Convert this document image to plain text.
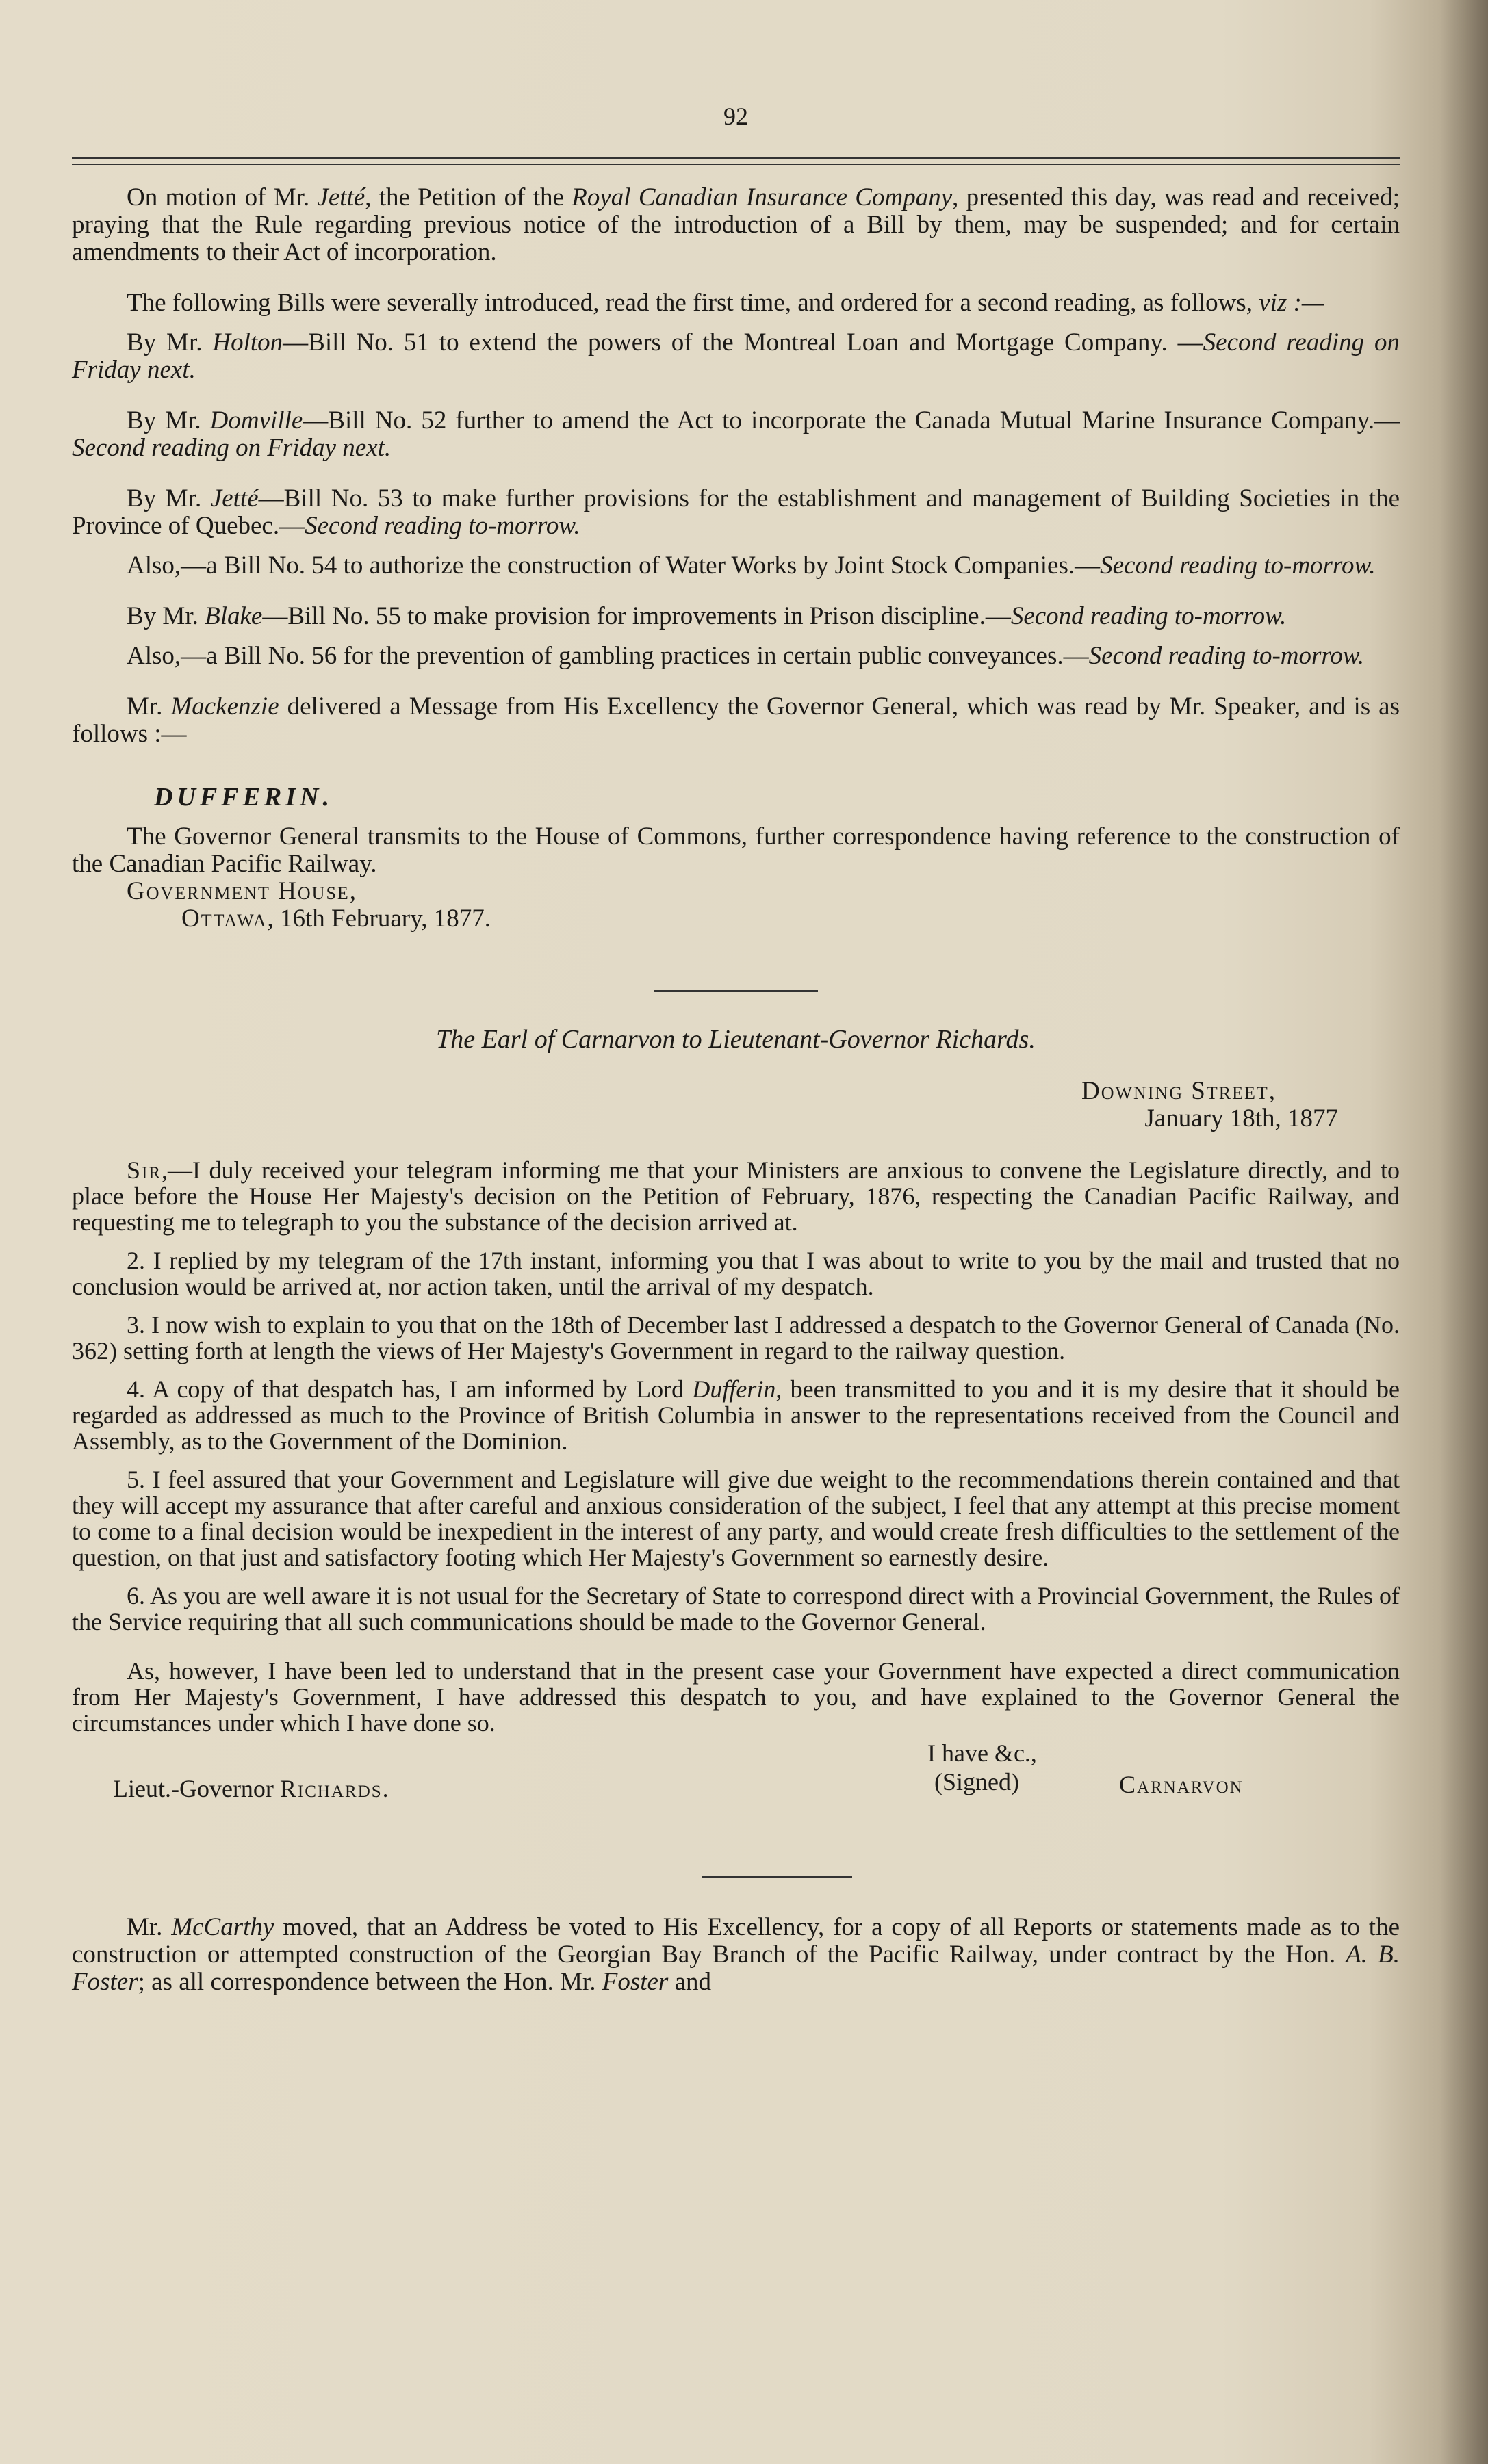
92

On motion of Mr. Jetté, the Petition of the Royal Canadian Insurance Company, presented this day, was read and received; praying that the Rule regarding previous notice of the introduction of a Bill by them, may be suspended; and for certain amendments to their Act of incorporation.

The following Bills were severally introduced, read the first time, and ordered for a second reading, as follows, viz :—

By Mr. Holton—Bill No. 51 to extend the powers of the Montreal Loan and Mortgage Company. —Second reading on Friday next.

By Mr. Domville—Bill No. 52 further to amend the Act to incorporate the Canada Mutual Marine Insurance Company.—Second reading on Friday next.

By Mr. Jetté—Bill No. 53 to make further provisions for the establishment and management of Building Societies in the Province of Quebec.—Second reading to-morrow.

Also,—a Bill No. 54 to authorize the construction of Water Works by Joint Stock Companies.—Second reading to-morrow.

By Mr. Blake—Bill No. 55 to make provision for improvements in Prison discipline.—Second reading to-morrow.

Also,—a Bill No. 56 for the prevention of gambling practices in certain public conveyances.—Second reading to-morrow.

Mr. Mackenzie delivered a Message from His Excellency the Governor General, which was read by Mr. Speaker, and is as follows :—

DUFFERIN.

The Governor General transmits to the House of Commons, further correspondence having reference to the construction of the Canadian Pacific Railway.

Government House,
Ottawa, 16th February, 1877.
The Earl of Carnarvon to Lieutenant-Governor Richards.
Downing Street,
January 18th, 1877

Sir,—I duly received your telegram informing me that your Ministers are anxious to convene the Legislature directly, and to place before the House Her Majesty's decision on the Petition of February, 1876, respecting the Canadian Pacific Railway, and requesting me to telegraph to you the substance of the decision arrived at.

2. I replied by my telegram of the 17th instant, informing you that I was about to write to you by the mail and trusted that no conclusion would be arrived at, nor action taken, until the arrival of my despatch.

3. I now wish to explain to you that on the 18th of December last I addressed a despatch to the Governor General of Canada (No. 362) setting forth at length the views of Her Majesty's Government in regard to the railway question.

4. A copy of that despatch has, I am informed by Lord Dufferin, been transmitted to you and it is my desire that it should be regarded as addressed as much to the Province of British Columbia in answer to the representations received from the Council and Assembly, as to the Government of the Dominion.

5. I feel assured that your Government and Legislature will give due weight to the recommendations therein contained and that they will accept my assurance that after careful and anxious consideration of the subject, I feel that any attempt at this precise moment to come to a final decision would be inexpedient in the interest of any party, and would create fresh difficulties to the settlement of the question, on that just and satisfactory footing which Her Majesty's Government so earnestly desire.

6. As you are well aware it is not usual for the Secretary of State to correspond direct with a Provincial Government, the Rules of the Service requiring that all such communications should be made to the Governor General.

As, however, I have been led to understand that in the present case your Government have expected a direct communication from Her Majesty's Government, I have addressed this despatch to you, and have explained to the Governor General the circumstances under which I have done so.

I have &c.,
(Signed)	Carnarvon
Lieut.-Governor Richards.

Mr. McCarthy moved, that an Address be voted to His Excellency, for a copy of all Reports or statements made as to the construction or attempted construction of the Georgian Bay Branch of the Pacific Railway, under contract by the Hon. A. B. Foster; as all correspondence between the Hon. Mr. Foster and
